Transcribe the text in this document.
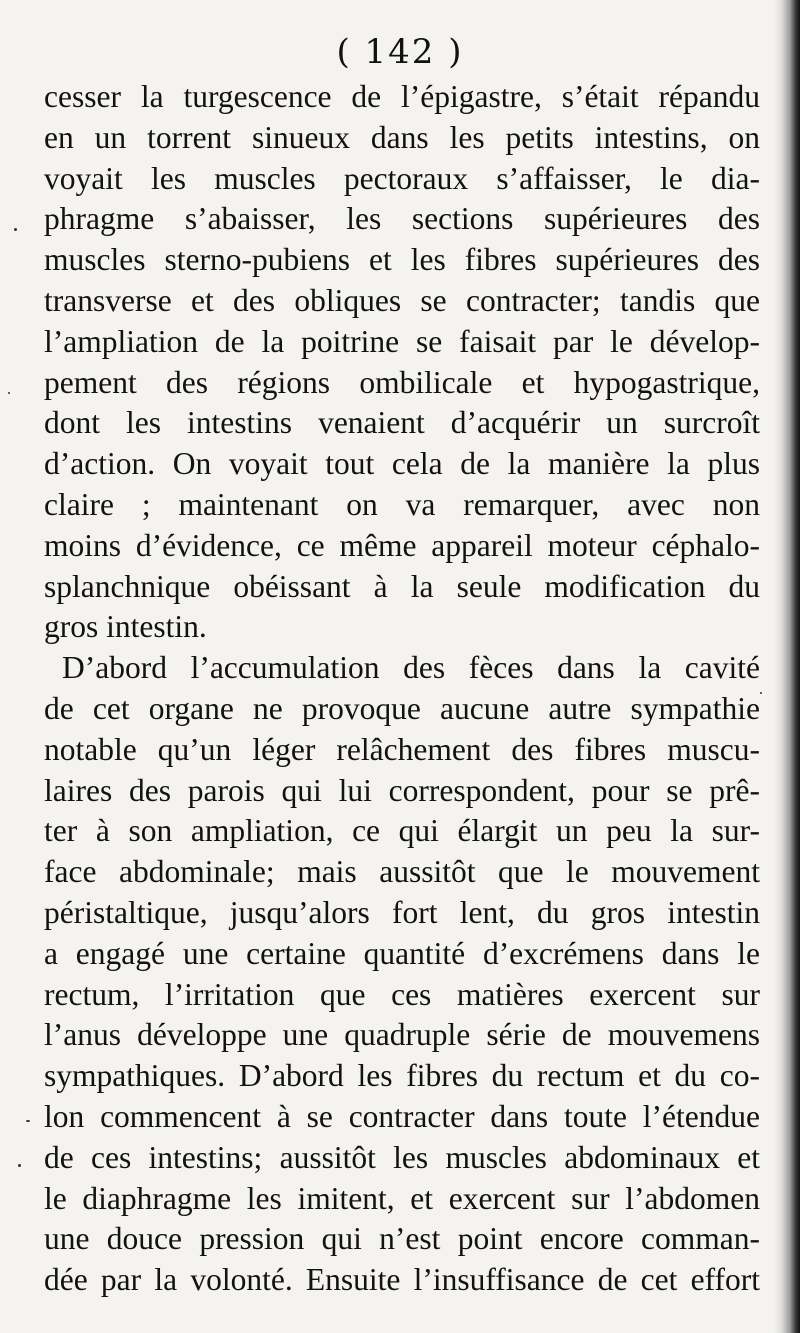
( 142 )
cesser la turgescence de l’épigastre, s’était répandu
en un torrent sinueux dans les petits intestins, on
voyait les muscles pectoraux s’affaisser, le dia-
phragme s’abaisser, les sections supérieures des
muscles sterno-pubiens et les fibres supérieures des
transverse et des obliques se contracter; tandis que
l’ampliation de la poitrine se faisait par le dévelop-
pement des régions ombilicale et hypogastrique,
dont les intestins venaient d’acquérir un surcroît
d’action. On voyait tout cela de la manière la plus
claire ; maintenant on va remarquer, avec non
moins d’évidence, ce même appareil moteur céphalo-
splanchnique obéissant à la seule modification du
gros intestin.
D’abord l’accumulation des fèces dans la cavité
de cet organe ne provoque aucune autre sympathie
notable qu’un léger relâchement des fibres muscu-
laires des parois qui lui correspondent, pour se prê-
ter à son ampliation, ce qui élargit un peu la sur-
face abdominale; mais aussitôt que le mouvement
péristaltique, jusqu’alors fort lent, du gros intestin
a engagé une certaine quantité d’excrémens dans le
rectum, l’irritation que ces matières exercent sur
l’anus développe une quadruple série de mouvemens
sympathiques. D’abord les fibres du rectum et du co-
lon commencent à se contracter dans toute l’étendue
de ces intestins; aussitôt les muscles abdominaux et
le diaphragme les imitent, et exercent sur l’abdomen
une douce pression qui n’est point encore comman-
dée par la volonté. Ensuite l’insuffisance de cet effort
